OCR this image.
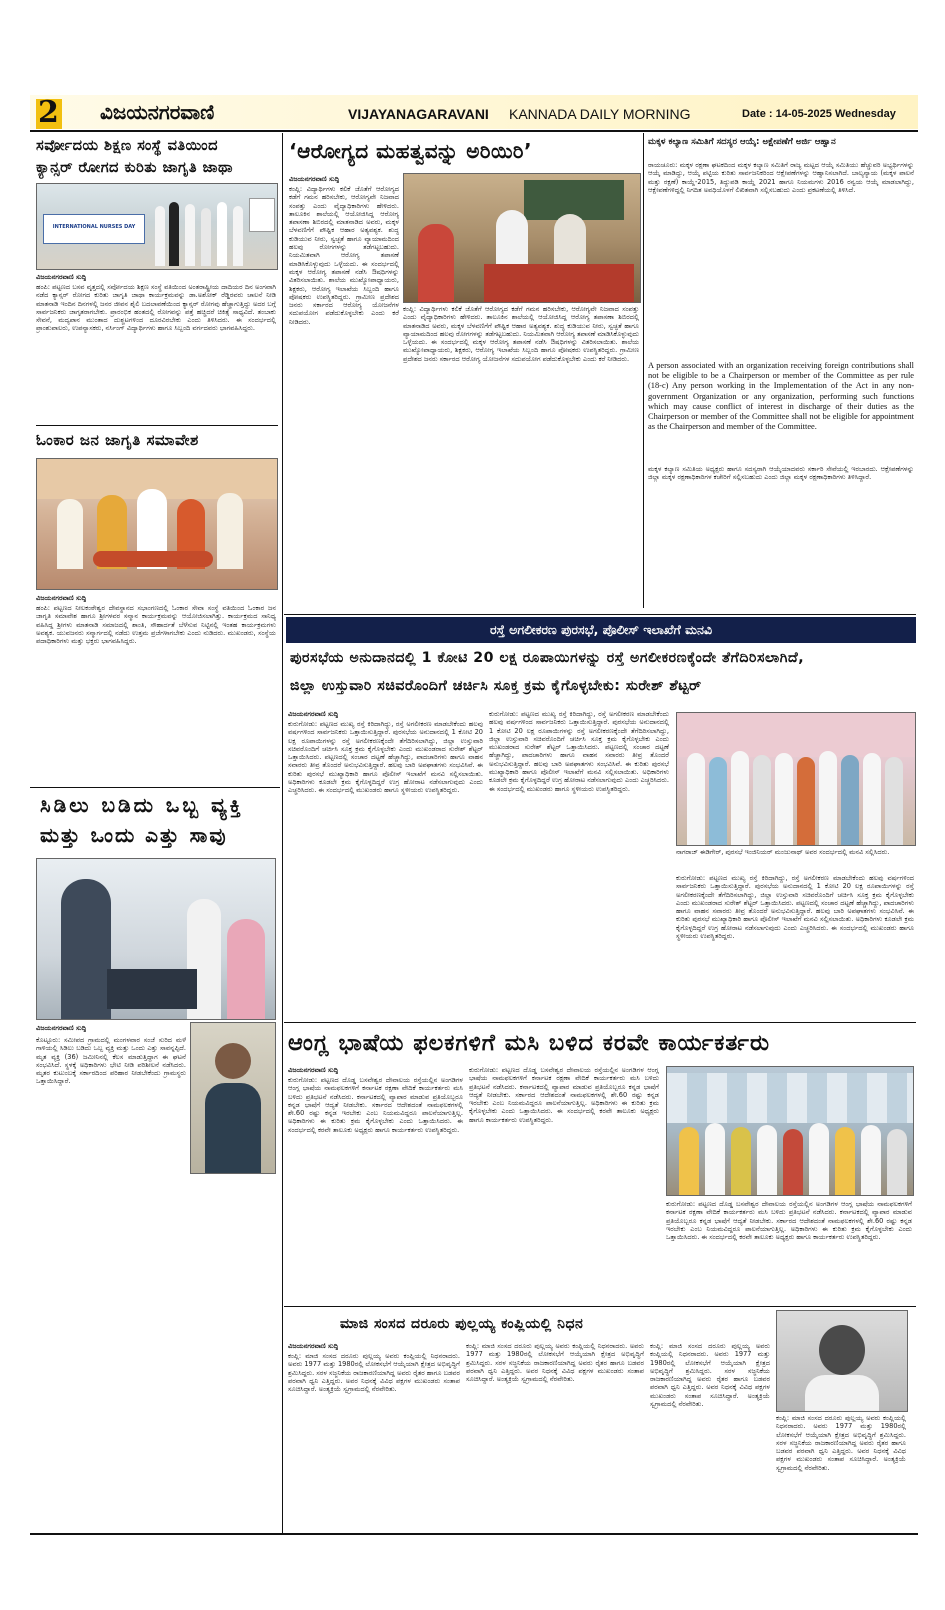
2 ವಿಜಯನಗರವಾಣಿ	VIJAYANAGARAVANI KANNADA DAILY MORNING	Date : 14-05-2025 Wednesday
ಸರ್ವೋದಯ ಶಿಕ್ಷಣ ಸಂಸ್ಥೆ ವತಿಯಿಂದ
ಕ್ಯಾನ್ಸರ್ ರೋಗದ ಕುರಿತು ಜಾಗೃತಿ ಜಾಥಾ
INTERNATIONAL NURSES DAY
ವಿಜಯನಗರವಾಣಿ ಸುದ್ದಿ
ಹಂಪಿ: ಪಟ್ಟಣದ ಬಸವ ವೃತ್ತದಲ್ಲಿ ಸರ್ವೋದಯ ಶಿಕ್ಷಣ ಸಂಸ್ಥೆ ವತಿಯಿಂದ ಅಂತರಾಷ್ಟ್ರೀಯ ದಾದಿಯರ ದಿನ ಅಂಗವಾಗಿ ನಡೆದ ಕ್ಯಾನ್ಸರ್ ರೋಗದ ಕುರಿತು ಜಾಗೃತಿ ಜಾಥಾ ಕಾರ್ಯಕ್ರಮವನ್ನು ಡಾ.ಅಶೋಕ್ ರೆಡ್ಡಿರವರು ಚಾಲನೆ ನೀಡಿ ಮಾತನಾಡಿ ಇಂದಿನ ದಿನಗಳಲ್ಲಿ ಜನರ ಜೀವನ ಶೈಲಿ ಬದಲಾವಣೆಯಿಂದ ಕ್ಯಾನ್ಸರ್ ರೋಗವು ಹೆಚ್ಚಾಗುತ್ತಿದ್ದು ಅದರ ಬಗ್ಗೆ ಸಾರ್ವಜನಿಕರು ಜಾಗೃತರಾಗಬೇಕು. ಪ್ರಾರಂಭಿಕ ಹಂತದಲ್ಲಿ ರೋಗವನ್ನು ಪತ್ತೆ ಹಚ್ಚಿದರೆ ಚಿಕಿತ್ಸೆ ಸಾಧ್ಯವಿದೆ. ತಂಬಾಕು ಸೇವನೆ, ಮದ್ಯಪಾನ ಮುಂತಾದ ದುಶ್ಚಟಗಳಿಂದ ದೂರವಿರಬೇಕು ಎಂದು ತಿಳಿಸಿದರು. ಈ ಸಂದರ್ಭದಲ್ಲಿ ಪ್ರಾಂಶುಪಾಲರು, ಉಪನ್ಯಾಸಕರು, ನರ್ಸಿಂಗ್ ವಿದ್ಯಾರ್ಥಿಗಳು ಹಾಗೂ ಸಿಬ್ಬಂದಿ ವರ್ಗದವರು ಭಾಗವಹಿಸಿದ್ದರು.
ಓಂಕಾರ ಜನ ಜಾಗೃತಿ ಸಮಾವೇಶ
ವಿಜಯನಗರವಾಣಿ ಸುದ್ದಿ
ಹಂಪಿ: ಪಟ್ಟಣದ ನೀಲಕಂಠೇಶ್ವರ ದೇವಸ್ಥಾನದ ಸಭಾಂಗಣದಲ್ಲಿ ಓಂಕಾರ ಸೇವಾ ಸಂಸ್ಥೆ ವತಿಯಿಂದ ಓಂಕಾರ ಜನ ಜಾಗೃತಿ ಸಮಾವೇಶ ಹಾಗೂ ಶ್ರೀಗಳವರ ಸನ್ಮಾನ ಕಾರ್ಯಕ್ರಮವನ್ನು ಆಯೋಜಿಸಲಾಗಿತ್ತು. ಕಾರ್ಯಕ್ರಮದ ಸಾನಿಧ್ಯ ವಹಿಸಿದ್ದ ಶ್ರೀಗಳು ಮಾತನಾಡಿ ಸಮಾಜದಲ್ಲಿ ಶಾಂತಿ, ಸೌಹಾರ್ದತೆ ಬೆಳೆಸುವ ನಿಟ್ಟಿನಲ್ಲಿ ಇಂತಹ ಕಾರ್ಯಕ್ರಮಗಳು ಅವಶ್ಯಕ. ಯುವಜನರು ಸನ್ಮಾರ್ಗದಲ್ಲಿ ನಡೆದು ಉತ್ತಮ ಪ್ರಜೆಗಳಾಗಬೇಕು ಎಂದು ನುಡಿದರು. ಮುಖಂಡರು, ಸಂಸ್ಥೆಯ ಪದಾಧಿಕಾರಿಗಳು ಮತ್ತು ಭಕ್ತರು ಭಾಗವಹಿಸಿದ್ದರು.
ಸಿಡಿಲು ಬಡಿದು ಒಬ್ಬ ವ್ಯಕ್ತಿ
ಮತ್ತು ಒಂದು ಎತ್ತು ಸಾವು
ವಿಜಯನಗರವಾಣಿ ಸುದ್ದಿ
ಕೊಟ್ಟೂರು: ಸಮೀಪದ ಗ್ರಾಮದಲ್ಲಿ ಮಂಗಳವಾರ ಸಂಜೆ ಸುರಿದ ಮಳೆ ಗಾಳಿಯಲ್ಲಿ ಸಿಡಿಲು ಬಡಿದು ಒಬ್ಬ ವ್ಯಕ್ತಿ ಮತ್ತು ಒಂದು ಎತ್ತು ಸಾವನ್ನಪ್ಪಿದೆ. ಮೃತ ವ್ಯಕ್ತಿ (36) ಜಮೀನಿನಲ್ಲಿ ಕೆಲಸ ಮಾಡುತ್ತಿದ್ದಾಗ ಈ ಘಟನೆ ಸಂಭವಿಸಿದೆ. ಸ್ಥಳಕ್ಕೆ ಅಧಿಕಾರಿಗಳು ಭೇಟಿ ನೀಡಿ ಪರಿಶೀಲನೆ ನಡೆಸಿದರು. ಮೃತರ ಕುಟುಂಬಕ್ಕೆ ಸರ್ಕಾರದಿಂದ ಪರಿಹಾರ ನೀಡಬೇಕೆಂದು ಗ್ರಾಮಸ್ಥರು ಒತ್ತಾಯಿಸಿದ್ದಾರೆ.
‘ಆರೋಗ್ಯದ ಮಹತ್ವವನ್ನು ಅರಿಯಿರಿ’
ವಿಜಯನಗರವಾಣಿ ಸುದ್ದಿ
ಕಂಪ್ಲಿ: ವಿದ್ಯಾರ್ಥಿಗಳು ಕಲಿಕೆ ಜೊತೆಗೆ ಆರೋಗ್ಯದ ಕಡೆಗೆ ಗಮನ ಹರಿಸಬೇಕು, ಆರೋಗ್ಯವೇ ನಿಜವಾದ ಸಂಪತ್ತು ಎಂದು ವೈದ್ಯಾಧಿಕಾರಿಗಳು ಹೇಳಿದರು. ತಾಲೂಕಿನ ಶಾಲೆಯಲ್ಲಿ ಆಯೋಜಿಸಿದ್ದ ಆರೋಗ್ಯ ತಪಾಸಣಾ ಶಿಬಿರದಲ್ಲಿ ಮಾತನಾಡಿದ ಅವರು, ಮಕ್ಕಳ ಬೆಳವಣಿಗೆಗೆ ಪೌಷ್ಟಿಕ ಆಹಾರ ಅತ್ಯವಶ್ಯಕ. ಶುದ್ಧ ಕುಡಿಯುವ ನೀರು, ಸ್ವಚ್ಛತೆ ಹಾಗೂ ವ್ಯಾಯಾಮದಿಂದ ಹಲವು ರೋಗಗಳನ್ನು ತಡೆಗಟ್ಟಬಹುದು. ನಿಯಮಿತವಾಗಿ ಆರೋಗ್ಯ ತಪಾಸಣೆ ಮಾಡಿಸಿಕೊಳ್ಳುವುದು ಒಳ್ಳೆಯದು. ಈ ಸಂದರ್ಭದಲ್ಲಿ ಮಕ್ಕಳ ಆರೋಗ್ಯ ತಪಾಸಣೆ ನಡೆಸಿ ಔಷಧಿಗಳನ್ನು ವಿತರಿಸಲಾಯಿತು. ಶಾಲೆಯ ಮುಖ್ಯೋಪಾಧ್ಯಾಯರು, ಶಿಕ್ಷಕರು, ಆರೋಗ್ಯ ಇಲಾಖೆಯ ಸಿಬ್ಬಂದಿ ಹಾಗೂ ಪೋಷಕರು ಉಪಸ್ಥಿತರಿದ್ದರು. ಗ್ರಾಮೀಣ ಪ್ರದೇಶದ ಜನರು ಸರ್ಕಾರದ ಆರೋಗ್ಯ ಯೋಜನೆಗಳ ಸದುಪಯೋಗ ಪಡೆದುಕೊಳ್ಳಬೇಕು ಎಂದು ಕರೆ ನೀಡಿದರು.
ಕಂಪ್ಲಿ: ವಿದ್ಯಾರ್ಥಿಗಳು ಕಲಿಕೆ ಜೊತೆಗೆ ಆರೋಗ್ಯದ ಕಡೆಗೆ ಗಮನ ಹರಿಸಬೇಕು, ಆರೋಗ್ಯವೇ ನಿಜವಾದ ಸಂಪತ್ತು ಎಂದು ವೈದ್ಯಾಧಿಕಾರಿಗಳು ಹೇಳಿದರು. ತಾಲೂಕಿನ ಶಾಲೆಯಲ್ಲಿ ಆಯೋಜಿಸಿದ್ದ ಆರೋಗ್ಯ ತಪಾಸಣಾ ಶಿಬಿರದಲ್ಲಿ ಮಾತನಾಡಿದ ಅವರು, ಮಕ್ಕಳ ಬೆಳವಣಿಗೆಗೆ ಪೌಷ್ಟಿಕ ಆಹಾರ ಅತ್ಯವಶ್ಯಕ. ಶುದ್ಧ ಕುಡಿಯುವ ನೀರು, ಸ್ವಚ್ಛತೆ ಹಾಗೂ ವ್ಯಾಯಾಮದಿಂದ ಹಲವು ರೋಗಗಳನ್ನು ತಡೆಗಟ್ಟಬಹುದು. ನಿಯಮಿತವಾಗಿ ಆರೋಗ್ಯ ತಪಾಸಣೆ ಮಾಡಿಸಿಕೊಳ್ಳುವುದು ಒಳ್ಳೆಯದು. ಈ ಸಂದರ್ಭದಲ್ಲಿ ಮಕ್ಕಳ ಆರೋಗ್ಯ ತಪಾಸಣೆ ನಡೆಸಿ ಔಷಧಿಗಳನ್ನು ವಿತರಿಸಲಾಯಿತು. ಶಾಲೆಯ ಮುಖ್ಯೋಪಾಧ್ಯಾಯರು, ಶಿಕ್ಷಕರು, ಆರೋಗ್ಯ ಇಲಾಖೆಯ ಸಿಬ್ಬಂದಿ ಹಾಗೂ ಪೋಷಕರು ಉಪಸ್ಥಿತರಿದ್ದರು. ಗ್ರಾಮೀಣ ಪ್ರದೇಶದ ಜನರು ಸರ್ಕಾರದ ಆರೋಗ್ಯ ಯೋಜನೆಗಳ ಸದುಪಯೋಗ ಪಡೆದುಕೊಳ್ಳಬೇಕು ಎಂದು ಕರೆ ನೀಡಿದರು.
ಮಕ್ಕಳ ಕಲ್ಯಾಣ ಸಮಿತಿಗೆ ಸದಸ್ಯರ ಆಯ್ಕೆ: ಅಕ್ಷೇಪಣೆಗೆ ಅರ್ಜಿ ಆಹ್ವಾನ
ರಾಯಚೂರು: ಮಕ್ಕಳ ರಕ್ಷಣಾ ಘಟಕದಿಂದ ಮಕ್ಕಳ ಕಲ್ಯಾಣ ಸಮಿತಿಗೆ ರಾಜ್ಯ ಮಟ್ಟದ ಆಯ್ಕೆ ಸಮಿತಿಯು ಹೆಚ್ಚುವರಿ ಅಭ್ಯರ್ಥಿಗಳನ್ನು ಆಯ್ಕೆ ಮಾಡಿದ್ದು, ಆಯ್ಕೆ ಪಟ್ಟಿಯ ಕುರಿತು ಸಾರ್ವಜನಿಕರಿಂದ ಆಕ್ಷೇಪಣೆಗಳನ್ನು ಆಹ್ವಾನಿಸಲಾಗಿದೆ. ಬಾಲ್ಯನ್ಯಾಯ (ಮಕ್ಕಳ ಪಾಲನೆ ಮತ್ತು ರಕ್ಷಣೆ) ಕಾಯ್ದೆ-2015, ತಿದ್ದುಪಡಿ ಕಾಯ್ದೆ 2021 ಹಾಗೂ ನಿಯಮಗಳು 2016 ರನ್ವಯ ಆಯ್ಕೆ ಮಾಡಲಾಗಿದ್ದು, ಆಕ್ಷೇಪಣೆಗಳಿದ್ದಲ್ಲಿ ನಿಗದಿತ ಅವಧಿಯೊಳಗೆ ಲಿಖಿತವಾಗಿ ಸಲ್ಲಿಸಬಹುದು ಎಂದು ಪ್ರಕಟಣೆಯಲ್ಲಿ ತಿಳಿಸಿದೆ.
A person associated with an organization receiving foreign contributions shall not be eligible to be a Chairperson or member of the Committee as per rule (18-c) Any person working in the Implementation of the Act in any non-government Organization or any organization, performing such functions which may cause conflict of interest in discharge of their duties as the Chairperson or member of the Committee shall not be eligible for appointment as the Chairperson and member of the Committee.
ಮಕ್ಕಳ ಕಲ್ಯಾಣ ಸಮಿತಿಯ ಅಧ್ಯಕ್ಷರು ಹಾಗೂ ಸದಸ್ಯರಾಗಿ ಆಯ್ಕೆಯಾದವರು ಸರ್ಕಾರಿ ಸೇವೆಯಲ್ಲಿ ಇರಬಾರದು. ಆಕ್ಷೇಪಣೆಗಳನ್ನು ಜಿಲ್ಲಾ ಮಕ್ಕಳ ರಕ್ಷಣಾಧಿಕಾರಿಗಳ ಕಚೇರಿಗೆ ಸಲ್ಲಿಸಬಹುದು ಎಂದು ಜಿಲ್ಲಾ ಮಕ್ಕಳ ರಕ್ಷಣಾಧಿಕಾರಿಗಳು ತಿಳಿಸಿದ್ದಾರೆ.
ರಸ್ತೆ ಅಗಲೀಕರಣ ಪುರಸಭೆ, ಪೊಲೀಸ್ ಇಲಾಖೆಗೆ ಮನವಿ
ಪುರಸಭೆಯ ಅನುದಾನದಲ್ಲಿ 1 ಕೋಟಿ 20 ಲಕ್ಷ ರೂಪಾಯಿಗಳನ್ನು ರಸ್ತೆ ಅಗಲೀಕರಣಕ್ಕೆಂದೇ ತೆಗೆದಿರಿಸಲಾಗಿದೆ,
ಜಿಲ್ಲಾ ಉಸ್ತುವಾರಿ ಸಚಿವರೊಂದಿಗೆ ಚರ್ಚಿಸಿ ಸೂಕ್ತ ಕ್ರಮ ಕೈಗೊಳ್ಳಬೇಕು: ಸುರೇಶ್ ಶೆಟ್ಟರ್
ವಿಜಯನಗರವಾಣಿ ಸುದ್ದಿ
ಕುರುಗೋಡು: ಪಟ್ಟಣದ ಮುಖ್ಯ ರಸ್ತೆ ಕಿರಿದಾಗಿದ್ದು, ರಸ್ತೆ ಅಗಲೀಕರಣ ಮಾಡಬೇಕೆಂದು ಹಲವು ವರ್ಷಗಳಿಂದ ಸಾರ್ವಜನಿಕರು ಒತ್ತಾಯಿಸುತ್ತಿದ್ದಾರೆ. ಪುರಸಭೆಯ ಅನುದಾನದಲ್ಲಿ 1 ಕೋಟಿ 20 ಲಕ್ಷ ರೂಪಾಯಿಗಳನ್ನು ರಸ್ತೆ ಅಗಲೀಕರಣಕ್ಕೆಂದೇ ತೆಗೆದಿರಿಸಲಾಗಿದ್ದು, ಜಿಲ್ಲಾ ಉಸ್ತುವಾರಿ ಸಚಿವರೊಂದಿಗೆ ಚರ್ಚಿಸಿ ಸೂಕ್ತ ಕ್ರಮ ಕೈಗೊಳ್ಳಬೇಕು ಎಂದು ಮುಖಂಡರಾದ ಸುರೇಶ್ ಶೆಟ್ಟರ್ ಒತ್ತಾಯಿಸಿದರು. ಪಟ್ಟಣದಲ್ಲಿ ಸಂಚಾರ ದಟ್ಟಣೆ ಹೆಚ್ಚಾಗಿದ್ದು, ಪಾದಚಾರಿಗಳು ಹಾಗೂ ವಾಹನ ಸವಾರರು ತೀವ್ರ ತೊಂದರೆ ಅನುಭವಿಸುತ್ತಿದ್ದಾರೆ. ಹಲವು ಬಾರಿ ಅಪಘಾತಗಳು ಸಂಭವಿಸಿವೆ. ಈ ಕುರಿತು ಪುರಸಭೆ ಮುಖ್ಯಾಧಿಕಾರಿ ಹಾಗೂ ಪೊಲೀಸ್ ಇಲಾಖೆಗೆ ಮನವಿ ಸಲ್ಲಿಸಲಾಯಿತು. ಅಧಿಕಾರಿಗಳು ಕೂಡಲೇ ಕ್ರಮ ಕೈಗೊಳ್ಳದಿದ್ದರೆ ಉಗ್ರ ಹೋರಾಟ ನಡೆಸಲಾಗುವುದು ಎಂದು ಎಚ್ಚರಿಸಿದರು. ಈ ಸಂದರ್ಭದಲ್ಲಿ ಮುಖಂಡರು ಹಾಗೂ ಸ್ಥಳೀಯರು ಉಪಸ್ಥಿತರಿದ್ದರು.
ಕುರುಗೋಡು: ಪಟ್ಟಣದ ಮುಖ್ಯ ರಸ್ತೆ ಕಿರಿದಾಗಿದ್ದು, ರಸ್ತೆ ಅಗಲೀಕರಣ ಮಾಡಬೇಕೆಂದು ಹಲವು ವರ್ಷಗಳಿಂದ ಸಾರ್ವಜನಿಕರು ಒತ್ತಾಯಿಸುತ್ತಿದ್ದಾರೆ. ಪುರಸಭೆಯ ಅನುದಾನದಲ್ಲಿ 1 ಕೋಟಿ 20 ಲಕ್ಷ ರೂಪಾಯಿಗಳನ್ನು ರಸ್ತೆ ಅಗಲೀಕರಣಕ್ಕೆಂದೇ ತೆಗೆದಿರಿಸಲಾಗಿದ್ದು, ಜಿಲ್ಲಾ ಉಸ್ತುವಾರಿ ಸಚಿವರೊಂದಿಗೆ ಚರ್ಚಿಸಿ ಸೂಕ್ತ ಕ್ರಮ ಕೈಗೊಳ್ಳಬೇಕು ಎಂದು ಮುಖಂಡರಾದ ಸುರೇಶ್ ಶೆಟ್ಟರ್ ಒತ್ತಾಯಿಸಿದರು. ಪಟ್ಟಣದಲ್ಲಿ ಸಂಚಾರ ದಟ್ಟಣೆ ಹೆಚ್ಚಾಗಿದ್ದು, ಪಾದಚಾರಿಗಳು ಹಾಗೂ ವಾಹನ ಸವಾರರು ತೀವ್ರ ತೊಂದರೆ ಅನುಭವಿಸುತ್ತಿದ್ದಾರೆ. ಹಲವು ಬಾರಿ ಅಪಘಾತಗಳು ಸಂಭವಿಸಿವೆ. ಈ ಕುರಿತು ಪುರಸಭೆ ಮುಖ್ಯಾಧಿಕಾರಿ ಹಾಗೂ ಪೊಲೀಸ್ ಇಲಾಖೆಗೆ ಮನವಿ ಸಲ್ಲಿಸಲಾಯಿತು. ಅಧಿಕಾರಿಗಳು ಕೂಡಲೇ ಕ್ರಮ ಕೈಗೊಳ್ಳದಿದ್ದರೆ ಉಗ್ರ ಹೋರಾಟ ನಡೆಸಲಾಗುವುದು ಎಂದು ಎಚ್ಚರಿಸಿದರು. ಈ ಸಂದರ್ಭದಲ್ಲಿ ಮುಖಂಡರು ಹಾಗೂ ಸ್ಥಳೀಯರು ಉಪಸ್ಥಿತರಿದ್ದರು.
ನಾಗರಾಜ್ ಈಡಿಗೇರ್, ಪುರಸಭೆ ಇಂಜಿನಿಯರ್ ಮಂಜುನಾಥ್ ಅವರ ಸಂದರ್ಭದಲ್ಲಿ ಮನವಿ ಸಲ್ಲಿಸಿದರು.
ಕುರುಗೋಡು: ಪಟ್ಟಣದ ಮುಖ್ಯ ರಸ್ತೆ ಕಿರಿದಾಗಿದ್ದು, ರಸ್ತೆ ಅಗಲೀಕರಣ ಮಾಡಬೇಕೆಂದು ಹಲವು ವರ್ಷಗಳಿಂದ ಸಾರ್ವಜನಿಕರು ಒತ್ತಾಯಿಸುತ್ತಿದ್ದಾರೆ. ಪುರಸಭೆಯ ಅನುದಾನದಲ್ಲಿ 1 ಕೋಟಿ 20 ಲಕ್ಷ ರೂಪಾಯಿಗಳನ್ನು ರಸ್ತೆ ಅಗಲೀಕರಣಕ್ಕೆಂದೇ ತೆಗೆದಿರಿಸಲಾಗಿದ್ದು, ಜಿಲ್ಲಾ ಉಸ್ತುವಾರಿ ಸಚಿವರೊಂದಿಗೆ ಚರ್ಚಿಸಿ ಸೂಕ್ತ ಕ್ರಮ ಕೈಗೊಳ್ಳಬೇಕು ಎಂದು ಮುಖಂಡರಾದ ಸುರೇಶ್ ಶೆಟ್ಟರ್ ಒತ್ತಾಯಿಸಿದರು. ಪಟ್ಟಣದಲ್ಲಿ ಸಂಚಾರ ದಟ್ಟಣೆ ಹೆಚ್ಚಾಗಿದ್ದು, ಪಾದಚಾರಿಗಳು ಹಾಗೂ ವಾಹನ ಸವಾರರು ತೀವ್ರ ತೊಂದರೆ ಅನುಭವಿಸುತ್ತಿದ್ದಾರೆ. ಹಲವು ಬಾರಿ ಅಪಘಾತಗಳು ಸಂಭವಿಸಿವೆ. ಈ ಕುರಿತು ಪುರಸಭೆ ಮುಖ್ಯಾಧಿಕಾರಿ ಹಾಗೂ ಪೊಲೀಸ್ ಇಲಾಖೆಗೆ ಮನವಿ ಸಲ್ಲಿಸಲಾಯಿತು. ಅಧಿಕಾರಿಗಳು ಕೂಡಲೇ ಕ್ರಮ ಕೈಗೊಳ್ಳದಿದ್ದರೆ ಉಗ್ರ ಹೋರಾಟ ನಡೆಸಲಾಗುವುದು ಎಂದು ಎಚ್ಚರಿಸಿದರು. ಈ ಸಂದರ್ಭದಲ್ಲಿ ಮುಖಂಡರು ಹಾಗೂ ಸ್ಥಳೀಯರು ಉಪಸ್ಥಿತರಿದ್ದರು.
ಆಂಗ್ಲ ಭಾಷೆಯ ಫಲಕಗಳಿಗೆ ಮಸಿ ಬಳಿದ ಕರವೇ ಕಾರ್ಯಕರ್ತರು
ವಿಜಯನಗರವಾಣಿ ಸುದ್ದಿ
ಕುರುಗೋಡು: ಪಟ್ಟಣದ ದೊಡ್ಡ ಬಸವೇಶ್ವರ ದೇವಾಲಯ ರಸ್ತೆಯಲ್ಲಿನ ಅಂಗಡಿಗಳ ಆಂಗ್ಲ ಭಾಷೆಯ ನಾಮಫಲಕಗಳಿಗೆ ಕರ್ನಾಟಕ ರಕ್ಷಣಾ ವೇದಿಕೆ ಕಾರ್ಯಕರ್ತರು ಮಸಿ ಬಳಿದು ಪ್ರತಿಭಟನೆ ನಡೆಸಿದರು. ಕರ್ನಾಟಕದಲ್ಲಿ ವ್ಯಾಪಾರ ಮಾಡುವ ಪ್ರತಿಯೊಬ್ಬರೂ ಕನ್ನಡ ಭಾಷೆಗೆ ಆದ್ಯತೆ ನೀಡಬೇಕು. ಸರ್ಕಾರದ ಆದೇಶದಂತೆ ನಾಮಫಲಕಗಳಲ್ಲಿ ಶೇ.60 ರಷ್ಟು ಕನ್ನಡ ಇರಬೇಕು ಎಂಬ ನಿಯಮವಿದ್ದರೂ ಪಾಲನೆಯಾಗುತ್ತಿಲ್ಲ. ಅಧಿಕಾರಿಗಳು ಈ ಕುರಿತು ಕ್ರಮ ಕೈಗೊಳ್ಳಬೇಕು ಎಂದು ಒತ್ತಾಯಿಸಿದರು. ಈ ಸಂದರ್ಭದಲ್ಲಿ ಕರವೇ ತಾಲೂಕು ಅಧ್ಯಕ್ಷರು ಹಾಗೂ ಕಾರ್ಯಕರ್ತರು ಉಪಸ್ಥಿತರಿದ್ದರು.
ಕುರುಗೋಡು: ಪಟ್ಟಣದ ದೊಡ್ಡ ಬಸವೇಶ್ವರ ದೇವಾಲಯ ರಸ್ತೆಯಲ್ಲಿನ ಅಂಗಡಿಗಳ ಆಂಗ್ಲ ಭಾಷೆಯ ನಾಮಫಲಕಗಳಿಗೆ ಕರ್ನಾಟಕ ರಕ್ಷಣಾ ವೇದಿಕೆ ಕಾರ್ಯಕರ್ತರು ಮಸಿ ಬಳಿದು ಪ್ರತಿಭಟನೆ ನಡೆಸಿದರು. ಕರ್ನಾಟಕದಲ್ಲಿ ವ್ಯಾಪಾರ ಮಾಡುವ ಪ್ರತಿಯೊಬ್ಬರೂ ಕನ್ನಡ ಭಾಷೆಗೆ ಆದ್ಯತೆ ನೀಡಬೇಕು. ಸರ್ಕಾರದ ಆದೇಶದಂತೆ ನಾಮಫಲಕಗಳಲ್ಲಿ ಶೇ.60 ರಷ್ಟು ಕನ್ನಡ ಇರಬೇಕು ಎಂಬ ನಿಯಮವಿದ್ದರೂ ಪಾಲನೆಯಾಗುತ್ತಿಲ್ಲ. ಅಧಿಕಾರಿಗಳು ಈ ಕುರಿತು ಕ್ರಮ ಕೈಗೊಳ್ಳಬೇಕು ಎಂದು ಒತ್ತಾಯಿಸಿದರು. ಈ ಸಂದರ್ಭದಲ್ಲಿ ಕರವೇ ತಾಲೂಕು ಅಧ್ಯಕ್ಷರು ಹಾಗೂ ಕಾರ್ಯಕರ್ತರು ಉಪಸ್ಥಿತರಿದ್ದರು.
ಕುರುಗೋಡು: ಪಟ್ಟಣದ ದೊಡ್ಡ ಬಸವೇಶ್ವರ ದೇವಾಲಯ ರಸ್ತೆಯಲ್ಲಿನ ಅಂಗಡಿಗಳ ಆಂಗ್ಲ ಭಾಷೆಯ ನಾಮಫಲಕಗಳಿಗೆ ಕರ್ನಾಟಕ ರಕ್ಷಣಾ ವೇದಿಕೆ ಕಾರ್ಯಕರ್ತರು ಮಸಿ ಬಳಿದು ಪ್ರತಿಭಟನೆ ನಡೆಸಿದರು. ಕರ್ನಾಟಕದಲ್ಲಿ ವ್ಯಾಪಾರ ಮಾಡುವ ಪ್ರತಿಯೊಬ್ಬರೂ ಕನ್ನಡ ಭಾಷೆಗೆ ಆದ್ಯತೆ ನೀಡಬೇಕು. ಸರ್ಕಾರದ ಆದೇಶದಂತೆ ನಾಮಫಲಕಗಳಲ್ಲಿ ಶೇ.60 ರಷ್ಟು ಕನ್ನಡ ಇರಬೇಕು ಎಂಬ ನಿಯಮವಿದ್ದರೂ ಪಾಲನೆಯಾಗುತ್ತಿಲ್ಲ. ಅಧಿಕಾರಿಗಳು ಈ ಕುರಿತು ಕ್ರಮ ಕೈಗೊಳ್ಳಬೇಕು ಎಂದು ಒತ್ತಾಯಿಸಿದರು. ಈ ಸಂದರ್ಭದಲ್ಲಿ ಕರವೇ ತಾಲೂಕು ಅಧ್ಯಕ್ಷರು ಹಾಗೂ ಕಾರ್ಯಕರ್ತರು ಉಪಸ್ಥಿತರಿದ್ದರು.
ಮಾಜಿ ಸಂಸದ ದರೂರು ಪುಲ್ಲಯ್ಯ ಕಂಪ್ಲಿಯಲ್ಲಿ ನಿಧನ
ವಿಜಯನಗರವಾಣಿ ಸುದ್ದಿ
ಕಂಪ್ಲಿ: ಮಾಜಿ ಸಂಸದ ದರೂರು ಪುಲ್ಲಯ್ಯ ಅವರು ಕಂಪ್ಲಿಯಲ್ಲಿ ನಿಧನರಾದರು. ಅವರು 1977 ಮತ್ತು 1980ರಲ್ಲಿ ಲೋಕಸಭೆಗೆ ಆಯ್ಕೆಯಾಗಿ ಕ್ಷೇತ್ರದ ಅಭಿವೃದ್ಧಿಗೆ ಶ್ರಮಿಸಿದ್ದರು. ಸರಳ ಸಜ್ಜನಿಕೆಯ ರಾಜಕಾರಣಿಯಾಗಿದ್ದ ಅವರು ರೈತರ ಹಾಗೂ ಬಡವರ ಪರವಾಗಿ ಧ್ವನಿ ಎತ್ತಿದ್ದರು. ಅವರ ನಿಧನಕ್ಕೆ ವಿವಿಧ ಪಕ್ಷಗಳ ಮುಖಂಡರು ಸಂತಾಪ ಸೂಚಿಸಿದ್ದಾರೆ. ಅಂತ್ಯಕ್ರಿಯೆ ಸ್ವಗ್ರಾಮದಲ್ಲಿ ನೆರವೇರಿತು.
ಕಂಪ್ಲಿ: ಮಾಜಿ ಸಂಸದ ದರೂರು ಪುಲ್ಲಯ್ಯ ಅವರು ಕಂಪ್ಲಿಯಲ್ಲಿ ನಿಧನರಾದರು. ಅವರು 1977 ಮತ್ತು 1980ರಲ್ಲಿ ಲೋಕಸಭೆಗೆ ಆಯ್ಕೆಯಾಗಿ ಕ್ಷೇತ್ರದ ಅಭಿವೃದ್ಧಿಗೆ ಶ್ರಮಿಸಿದ್ದರು. ಸರಳ ಸಜ್ಜನಿಕೆಯ ರಾಜಕಾರಣಿಯಾಗಿದ್ದ ಅವರು ರೈತರ ಹಾಗೂ ಬಡವರ ಪರವಾಗಿ ಧ್ವನಿ ಎತ್ತಿದ್ದರು. ಅವರ ನಿಧನಕ್ಕೆ ವಿವಿಧ ಪಕ್ಷಗಳ ಮುಖಂಡರು ಸಂತಾಪ ಸೂಚಿಸಿದ್ದಾರೆ. ಅಂತ್ಯಕ್ರಿಯೆ ಸ್ವಗ್ರಾಮದಲ್ಲಿ ನೆರವೇರಿತು.
ಕಂಪ್ಲಿ: ಮಾಜಿ ಸಂಸದ ದರೂರು ಪುಲ್ಲಯ್ಯ ಅವರು ಕಂಪ್ಲಿಯಲ್ಲಿ ನಿಧನರಾದರು. ಅವರು 1977 ಮತ್ತು 1980ರಲ್ಲಿ ಲೋಕಸಭೆಗೆ ಆಯ್ಕೆಯಾಗಿ ಕ್ಷೇತ್ರದ ಅಭಿವೃದ್ಧಿಗೆ ಶ್ರಮಿಸಿದ್ದರು. ಸರಳ ಸಜ್ಜನಿಕೆಯ ರಾಜಕಾರಣಿಯಾಗಿದ್ದ ಅವರು ರೈತರ ಹಾಗೂ ಬಡವರ ಪರವಾಗಿ ಧ್ವನಿ ಎತ್ತಿದ್ದರು. ಅವರ ನಿಧನಕ್ಕೆ ವಿವಿಧ ಪಕ್ಷಗಳ ಮುಖಂಡರು ಸಂತಾಪ ಸೂಚಿಸಿದ್ದಾರೆ. ಅಂತ್ಯಕ್ರಿಯೆ ಸ್ವಗ್ರಾಮದಲ್ಲಿ ನೆರವೇರಿತು.
ಕಂಪ್ಲಿ: ಮಾಜಿ ಸಂಸದ ದರೂರು ಪುಲ್ಲಯ್ಯ ಅವರು ಕಂಪ್ಲಿಯಲ್ಲಿ ನಿಧನರಾದರು. ಅವರು 1977 ಮತ್ತು 1980ರಲ್ಲಿ ಲೋಕಸಭೆಗೆ ಆಯ್ಕೆಯಾಗಿ ಕ್ಷೇತ್ರದ ಅಭಿವೃದ್ಧಿಗೆ ಶ್ರಮಿಸಿದ್ದರು. ಸರಳ ಸಜ್ಜನಿಕೆಯ ರಾಜಕಾರಣಿಯಾಗಿದ್ದ ಅವರು ರೈತರ ಹಾಗೂ ಬಡವರ ಪರವಾಗಿ ಧ್ವನಿ ಎತ್ತಿದ್ದರು. ಅವರ ನಿಧನಕ್ಕೆ ವಿವಿಧ ಪಕ್ಷಗಳ ಮುಖಂಡರು ಸಂತಾಪ ಸೂಚಿಸಿದ್ದಾರೆ. ಅಂತ್ಯಕ್ರಿಯೆ ಸ್ವಗ್ರಾಮದಲ್ಲಿ ನೆರವೇರಿತು.
